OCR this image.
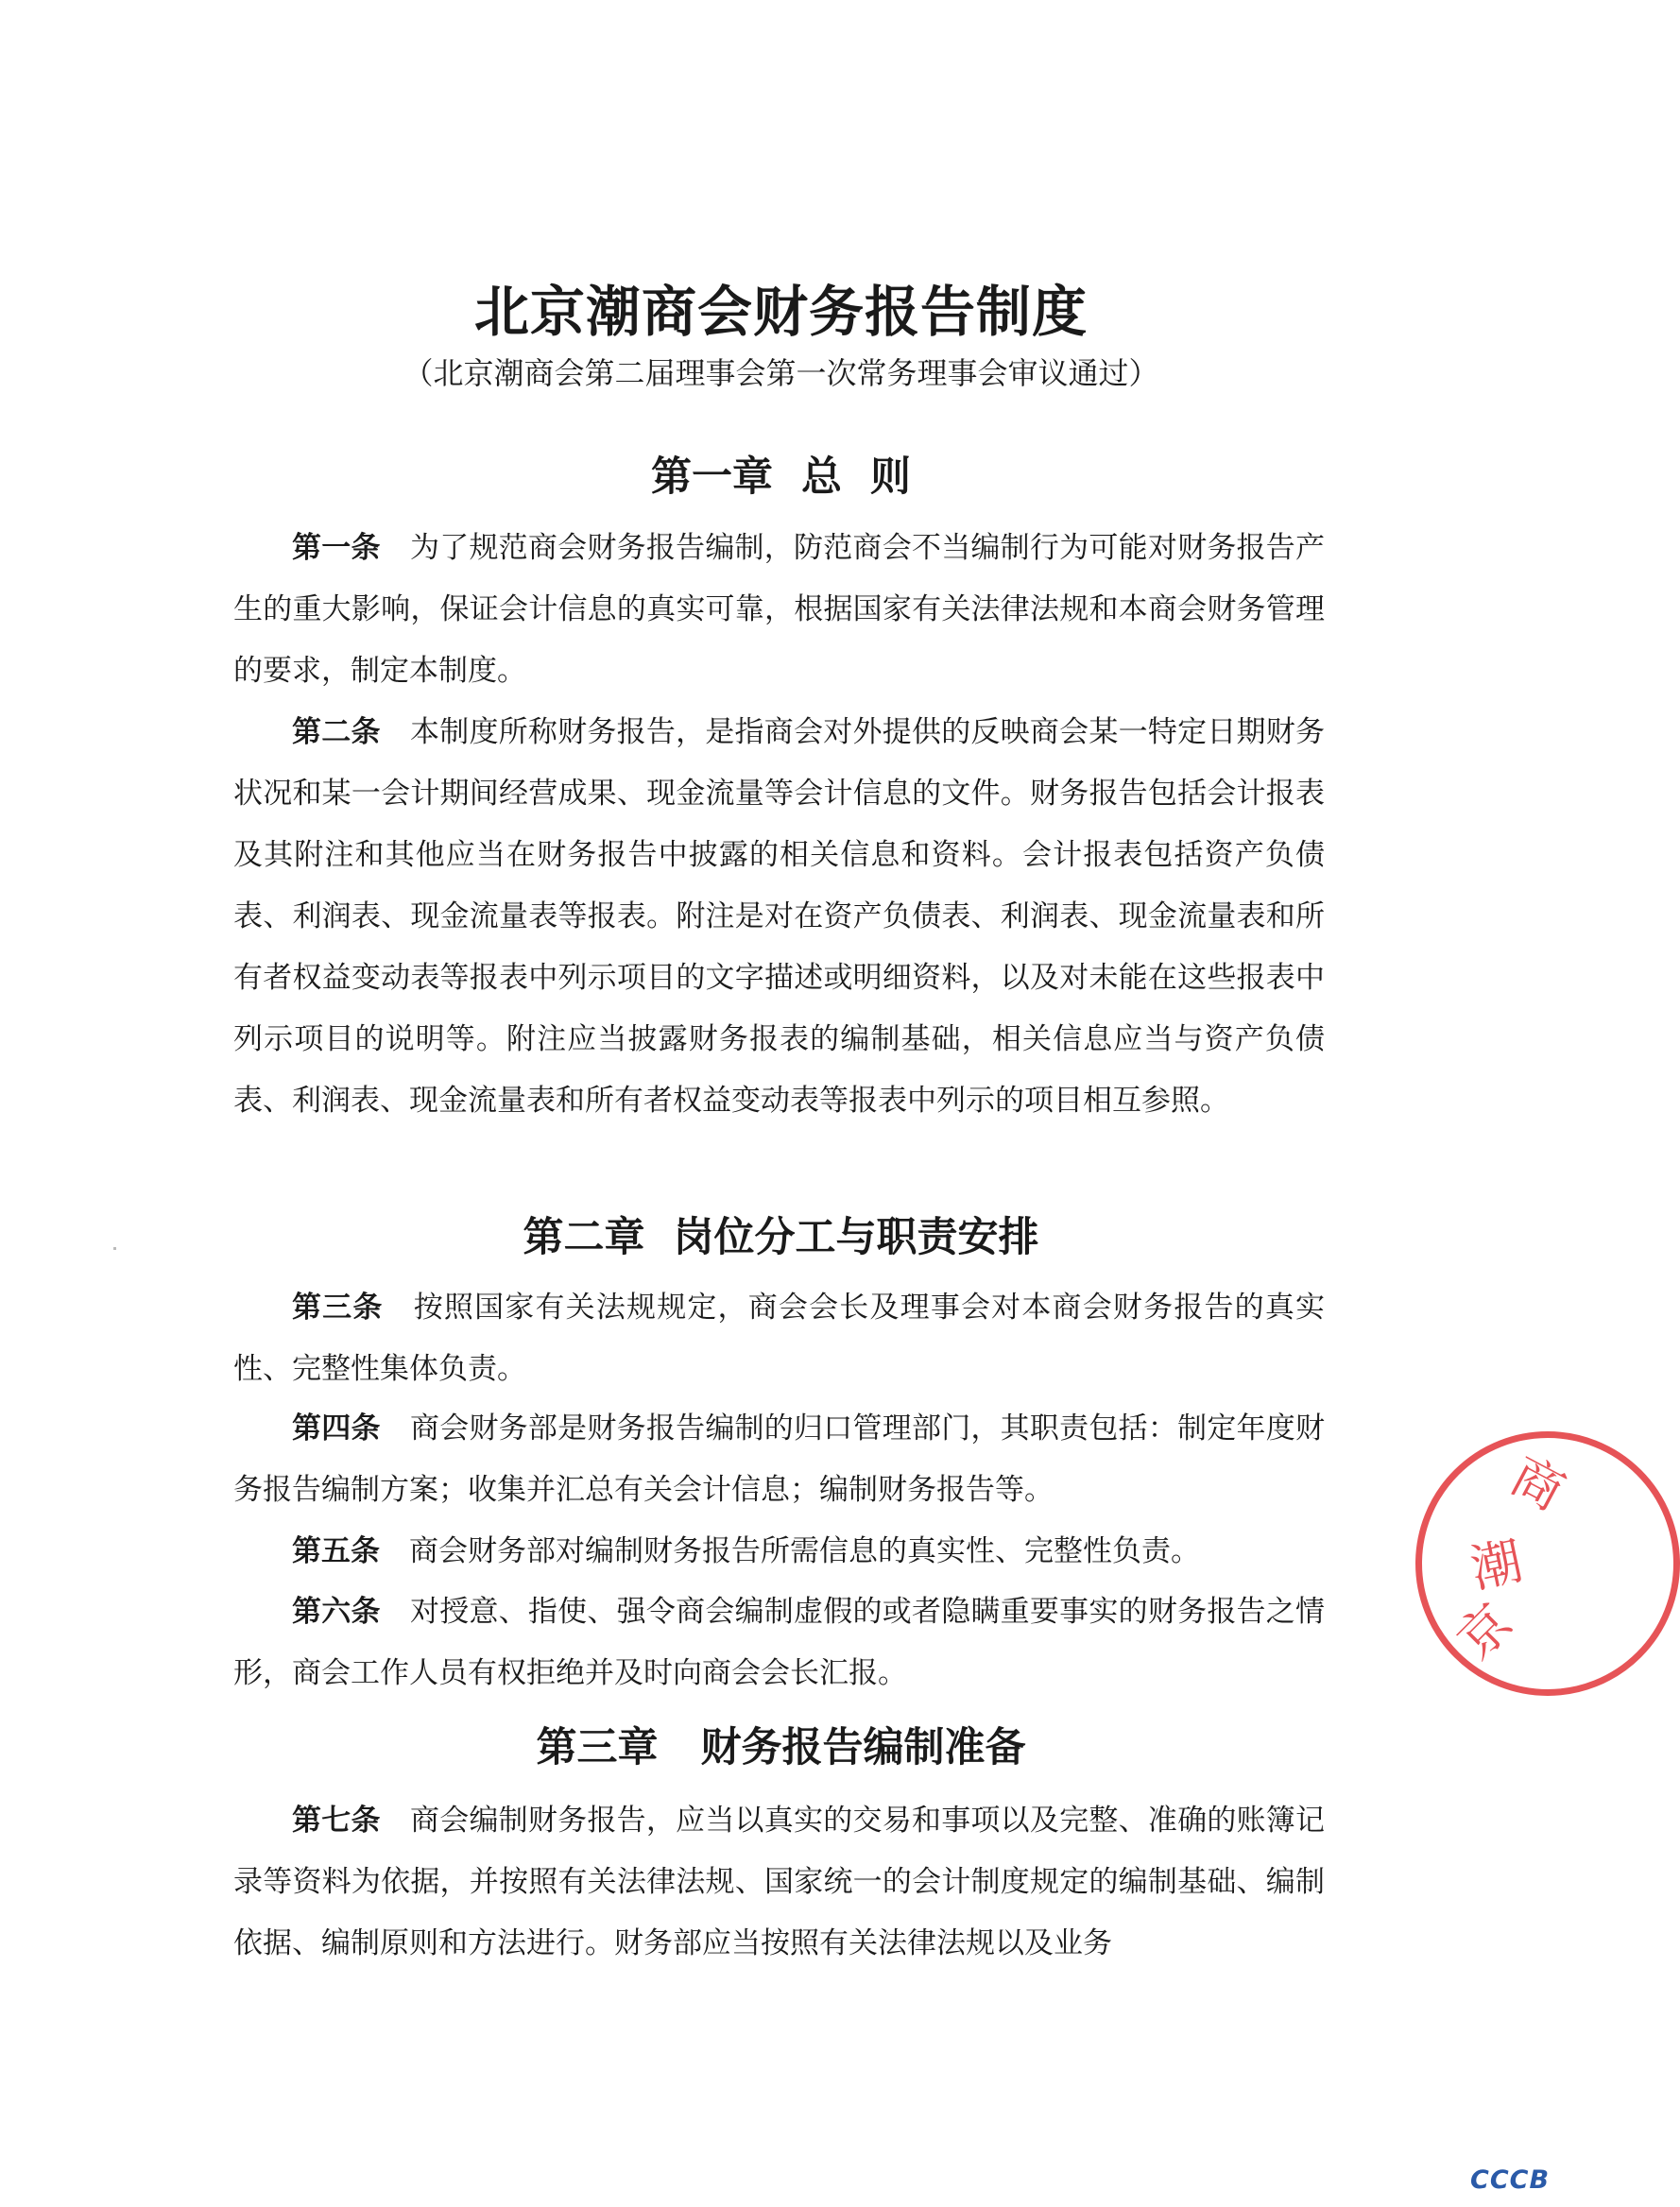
北京潮商会财务报告制度

（北京潮商会第二届理事会第一次常务理事会审议通过）

第一章  总  则

第一条　 为了规范商会财务报告编制，防范商会不当编制行为可能对财务报告产生的重大影响，保证会计信息的真实可靠，根据国家有关法律法规和本商会财务管理的要求，制定本制度。

第二条　 本制度所称财务报告，是指商会对外提供的反映商会某一特定日期财务状况和某一会计期间经营成果、现金流量等会计信息的文件。财务报告包括会计报表及其附注和其他应当在财务报告中披露的相关信息和资料。会计报表包括资产负债表、利润表、现金流量表等报表。附注是对在资产负债表、利润表、现金流量表和所有者权益变动表等报表中列示项目的文字描述或明细资料，以及对未能在这些报表中列示项目的说明等。附注应当披露财务报表的编制基础，相关信息应当与资产负债表、利润表、现金流量表和所有者权益变动表等报表中列示的项目相互参照。

第二章  岗位分工与职责安排

第三条　 按照国家有关法规规定，商会会长及理事会对本商会财务报告的真实性、完整性集体负责。

第四条　 商会财务部是财务报告编制的归口管理部门，其职责包括：制定年度财务报告编制方案；收集并汇总有关会计信息；编制财务报告等。

第五条　 商会财务部对编制财务报告所需信息的真实性、完整性负责。

第六条　 对授意、指使、强令商会编制虚假的或者隐瞒重要事实的财务报告之情形，商会工作人员有权拒绝并及时向商会会长汇报。

第三章   财务报告编制准备

第七条　 商会编制财务报告，应当以真实的交易和事项以及完整、准确的账簿记录等资料为依据，并按照有关法律法规、国家统一的会计制度规定的编制基础、编制依据、编制原则和方法进行。财务部应当按照有关法律法规以及业务

商
潮
京
CCCB
